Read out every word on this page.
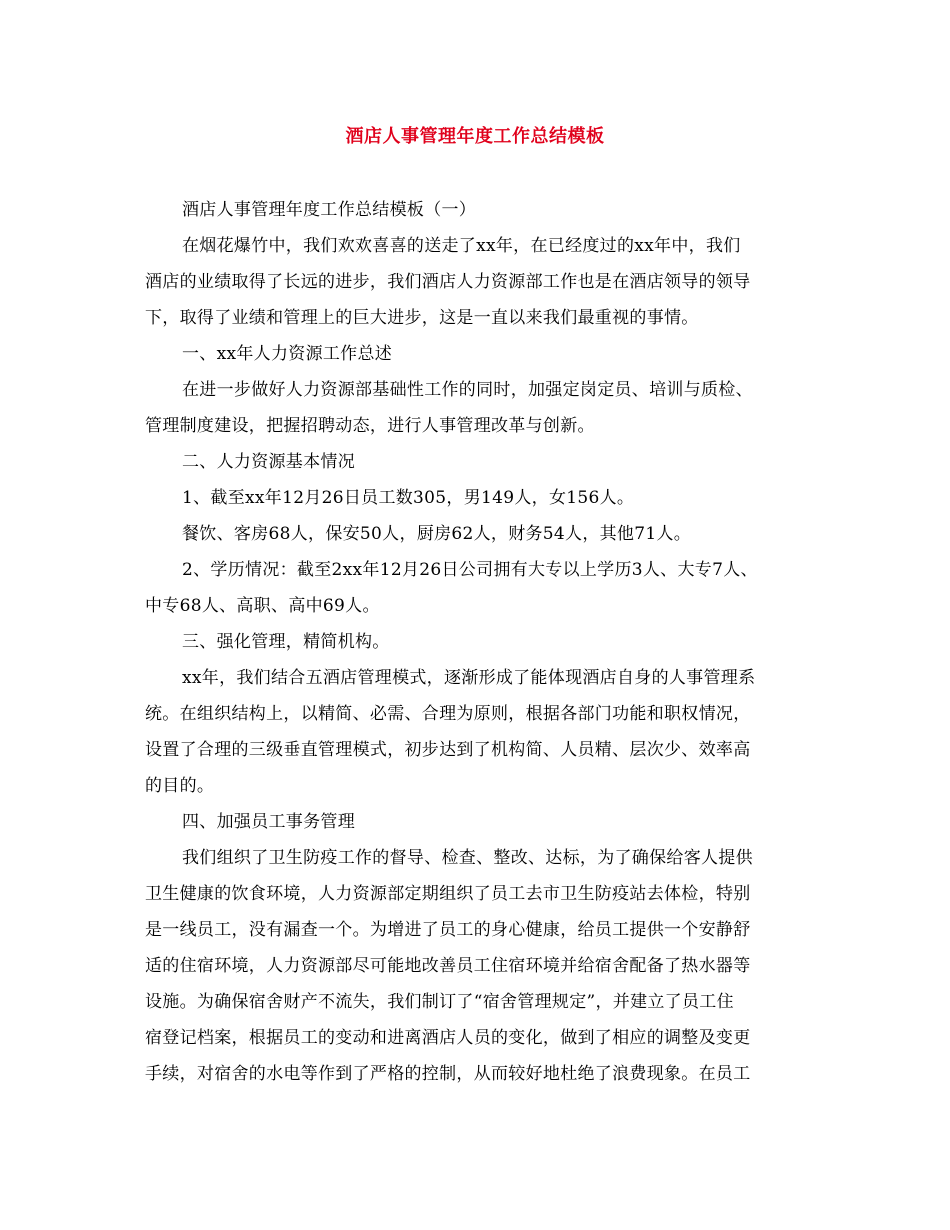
酒店人事管理年度工作总结模板
酒店人事管理年度工作总结模板（一）
在烟花爆竹中，我们欢欢喜喜的送走了xx年，在已经度过的xx年中，我们
酒店的业绩取得了长远的进步，我们酒店人力资源部工作也是在酒店领导的领导
下，取得了业绩和管理上的巨大进步，这是一直以来我们最重视的事情。
一、xx年人力资源工作总述
在进一步做好人力资源部基础性工作的同时，加强定岗定员、培训与质检、
管理制度建设，把握招聘动态，进行人事管理改革与创新。
二、人力资源基本情况
1、截至xx年12月26日员工数305，男149人，女156人。
餐饮、客房68人，保安50人，厨房62人，财务54人，其他71人。
2、学历情况：截至2xx年12月26日公司拥有大专以上学历3人、大专7人、
中专68人、高职、高中69人。
三、强化管理，精简机构。
xx年，我们结合五酒店管理模式，逐渐形成了能体现酒店自身的人事管理系
统。在组织结构上，以精简、必需、合理为原则，根据各部门功能和职权情况，
设置了合理的三级垂直管理模式，初步达到了机构简、人员精、层次少、效率高
的目的。
四、加强员工事务管理
我们组织了卫生防疫工作的督导、检查、整改、达标，为了确保给客人提供
卫生健康的饮食环境，人力资源部定期组织了员工去市卫生防疫站去体检，特别
是一线员工，没有漏查一个。为增进了员工的身心健康，给员工提供一个安静舒
适的住宿环境，人力资源部尽可能地改善员工住宿环境并给宿舍配备了热水器等
设施。为确保宿舍财产不流失，我们制订了“宿舍管理规定”，并建立了员工住
宿登记档案，根据员工的变动和进离酒店人员的变化，做到了相应的调整及变更
手续，对宿舍的水电等作到了严格的控制，从而较好地杜绝了浪费现象。在员工
